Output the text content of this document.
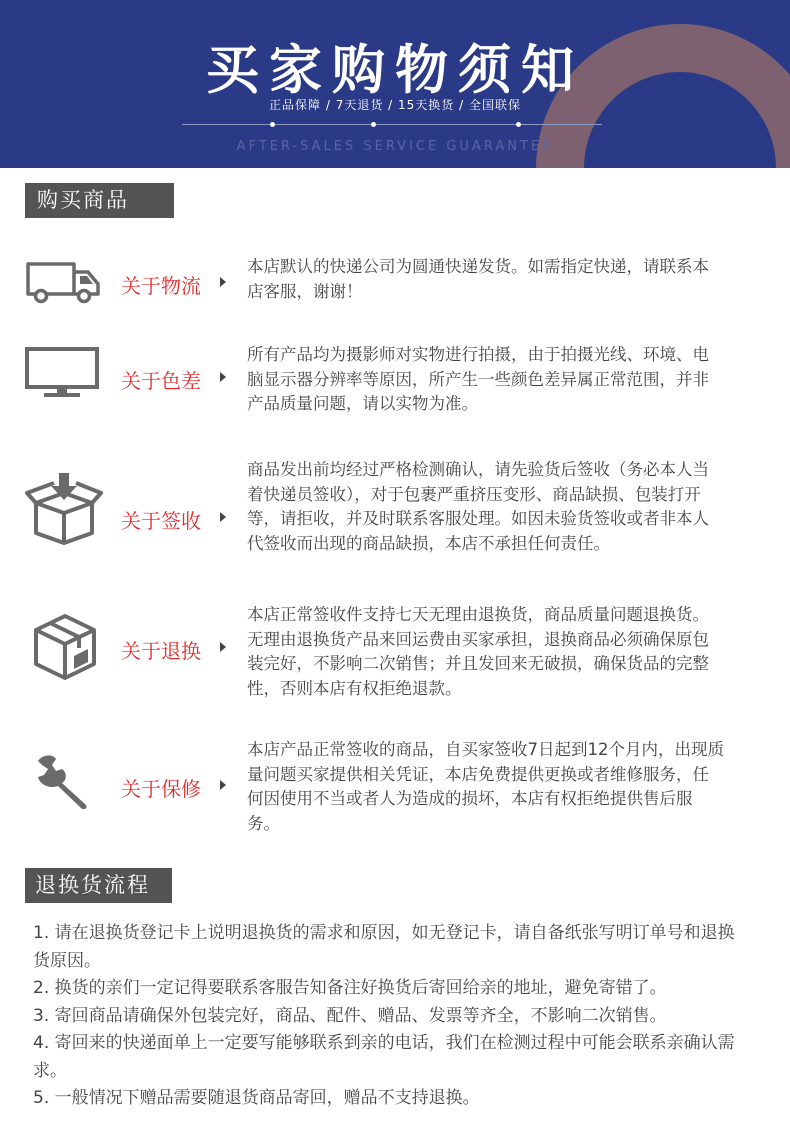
买家购物须知
正品保障 / 7天退货 / 15天换货 / 全国联保
AFTER-SALES SERVICE GUARANTEE
购买商品
关于物流
本店默认的快递公司为圆通快递发货。如需指定快递，请联系本店客服，谢谢！
关于色差
所有产品均为摄影师对实物进行拍摄，由于拍摄光线、环境、电脑显示器分辨率等原因，所产生一些颜色差异属正常范围，并非产品质量问题，请以实物为准。
关于签收
商品发出前均经过严格检测确认，请先验货后签收（务必本人当着快递员签收），对于包裹严重挤压变形、商品缺损、包装打开等，请拒收，并及时联系客服处理。如因未验货签收或者非本人代签收而出现的商品缺损，本店不承担任何责任。
关于退换
本店正常签收件支持七天无理由退换货，商品质量问题退换货。无理由退换货产品来回运费由买家承担，退换商品必须确保原包装完好，不影响二次销售；并且发回来无破损，确保货品的完整性，否则本店有权拒绝退款。
关于保修
本店产品正常签收的商品，自买家签收7日起到12个月内，出现质量问题买家提供相关凭证，本店免费提供更换或者维修服务，任何因使用不当或者人为造成的损坏，本店有权拒绝提供售后服务。
退换货流程

1. 请在退换货登记卡上说明退换货的需求和原因，如无登记卡，请自备纸张写明订单号和退换货原因。

2. 换货的亲们一定记得要联系客服告知备注好换货后寄回给亲的地址，避免寄错了。

3. 寄回商品请确保外包装完好，商品、配件、赠品、发票等齐全，不影响二次销售。

4. 寄回来的快递面单上一定要写能够联系到亲的电话，我们在检测过程中可能会联系亲确认需求。

5. 一般情况下赠品需要随退货商品寄回，赠品不支持退换。
